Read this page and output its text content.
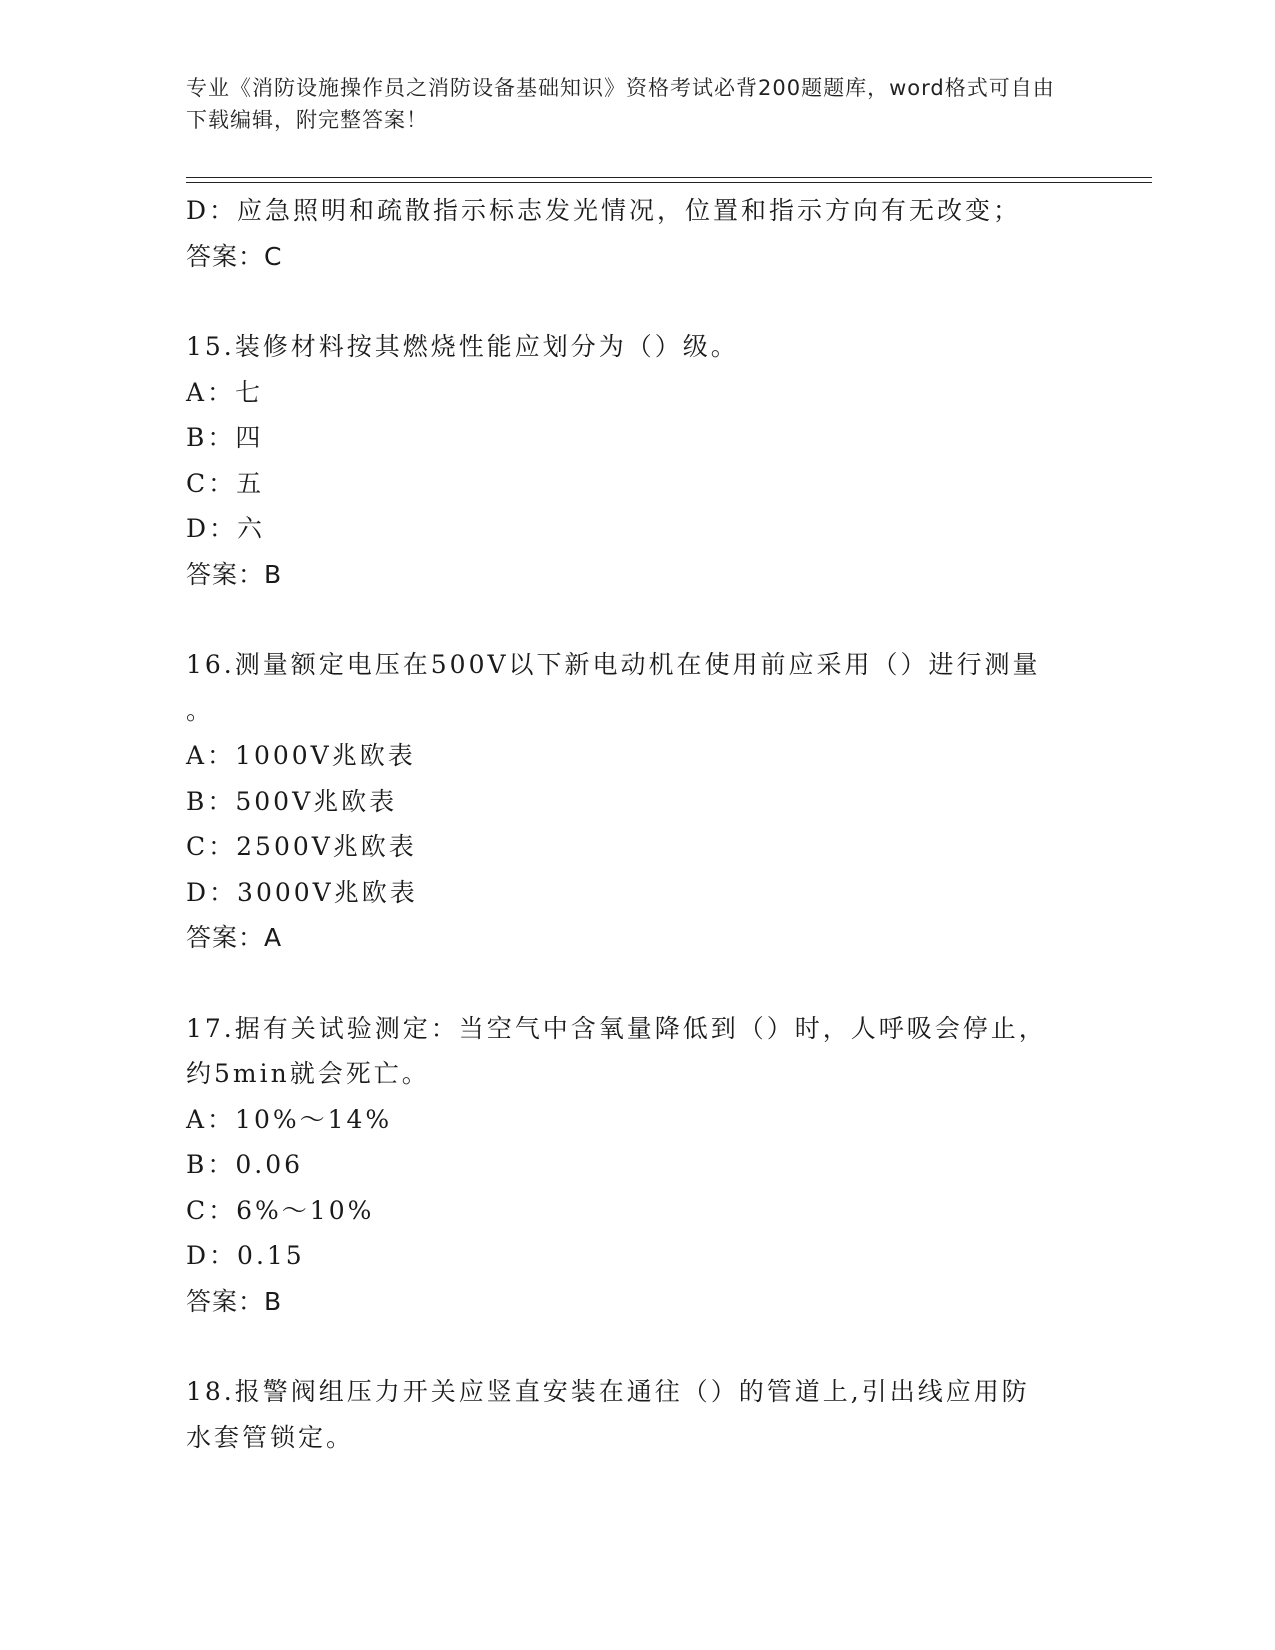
专业《消防设施操作员之消防设备基础知识》资格考试必背200题题库，word格式可自由下载编辑，附完整答案！
D：应急照明和疏散指示标志发光情况，位置和指示方向有无改变；
答案：C
15.装修材料按其燃烧性能应划分为（）级。
A：七
B：四
C：五
D：六
答案：B
16.测量额定电压在500V以下新电动机在使用前应采用（）进行测量
。
A：1000V兆欧表
B：500V兆欧表
C：2500V兆欧表
D：3000V兆欧表
答案：A
17.据有关试验测定：当空气中含氧量降低到（）时，人呼吸会停止，
约5min就会死亡。
A：10%～14%
B：0.06
C：6%～10%
D：0.15
答案：B
18.报警阀组压力开关应竖直安装在通往（）的管道上,引出线应用防
水套管锁定。
